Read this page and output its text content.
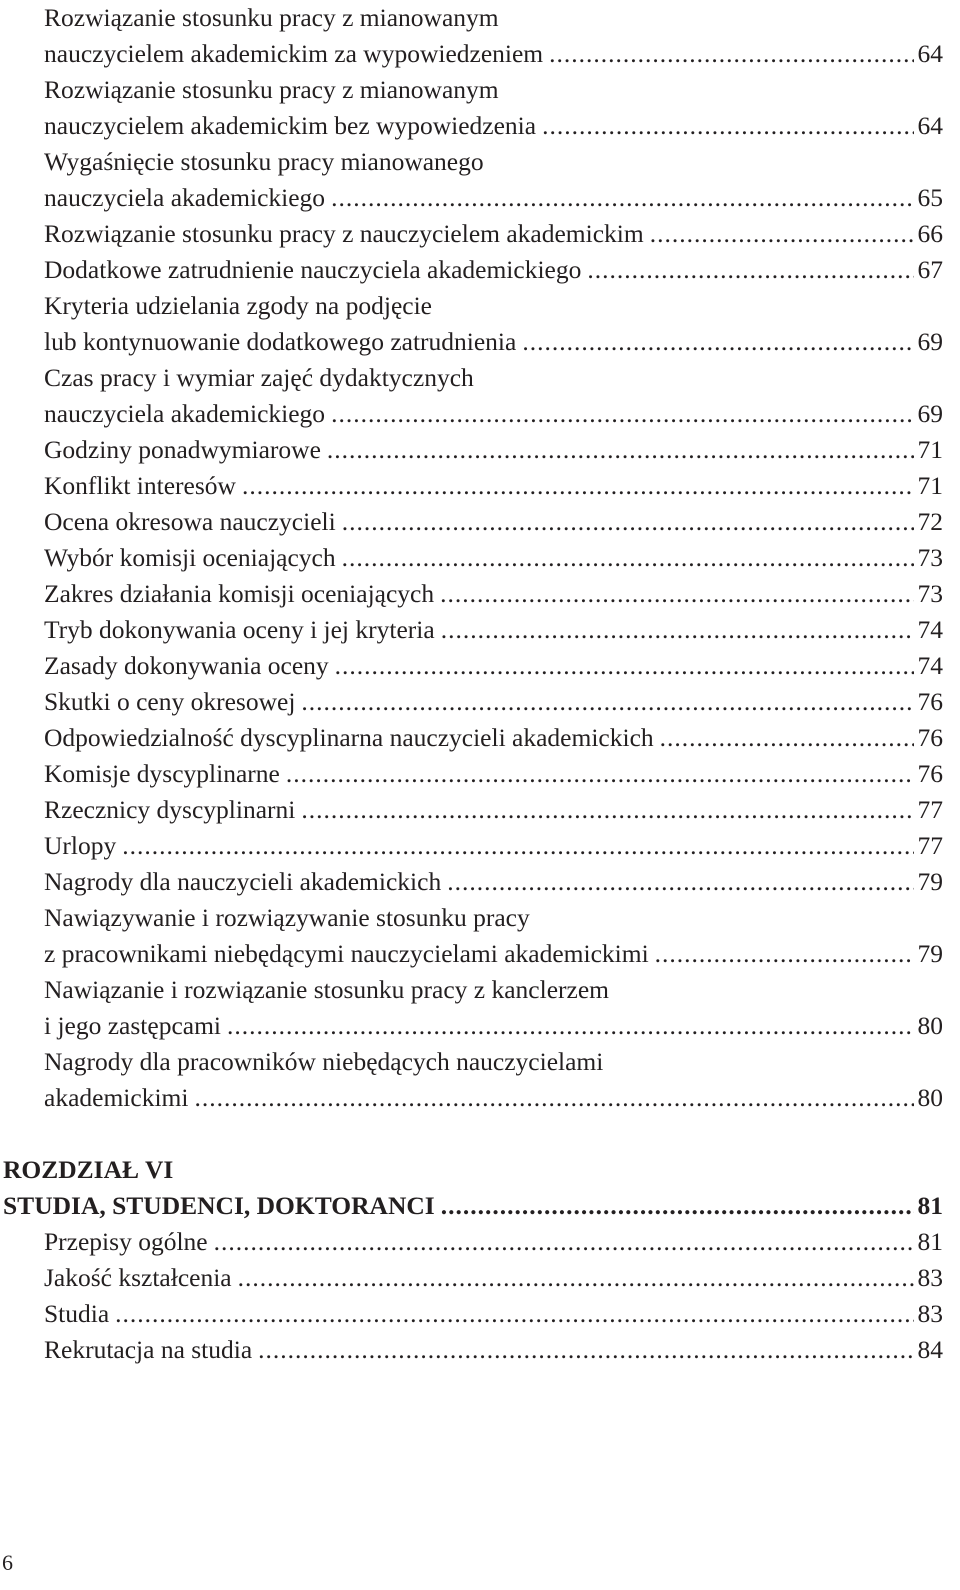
Rozwiązanie stosunku pracy z mianowanym
nauczycielem akademickim za wypowiedzeniem .....	64
Rozwiązanie stosunku pracy z mianowanym
nauczycielem akademickim bez wypowiedzenia .....	64
Wygaśnięcie stosunku pracy mianowanego
nauczyciela akademickiego .....	65
Rozwiązanie stosunku pracy z nauczycielem akademickim .....	66
Dodatkowe zatrudnienie nauczyciela akademickiego .....	67
Kryteria udzielania zgody na podjęcie
lub kontynuowanie dodatkowego zatrudnienia .....	69
Czas pracy i wymiar zajęć dydaktycznych
nauczyciela akademickiego .....	69
Godziny ponadwymiarowe .....	71
Konflikt interesów .....	71
Ocena okresowa nauczycieli .....	72
Wybór komisji oceniających .....	73
Zakres działania komisji oceniających .....	73
Tryb dokonywania oceny i jej kryteria .....	74
Zasady dokonywania oceny .....	74
Skutki o ceny okresowej .....	76
Odpowiedzialność dyscyplinarna nauczycieli akademickich .....	76
Komisje dyscyplinarne .....	76
Rzecznicy dyscyplinarni .....	77
Urlopy .....	77
Nagrody dla nauczycieli akademickich .....	79
Nawiązywanie i rozwiązywanie stosunku pracy
z pracownikami niebędącymi nauczycielami akademickimi .....	79
Nawiązanie i rozwiązanie stosunku pracy z kanclerzem
i jego zastępcami .....	80
Nagrody dla pracowników niebędących nauczycielami
akademickimi .....	80
ROZDZIAŁ VI
STUDIA, STUDENCI, DOKTORANCI .....	81
Przepisy ogólne .....	81
Jakość kształcenia .....	83
Studia .....	83
Rekrutacja na studia .....	84
6
